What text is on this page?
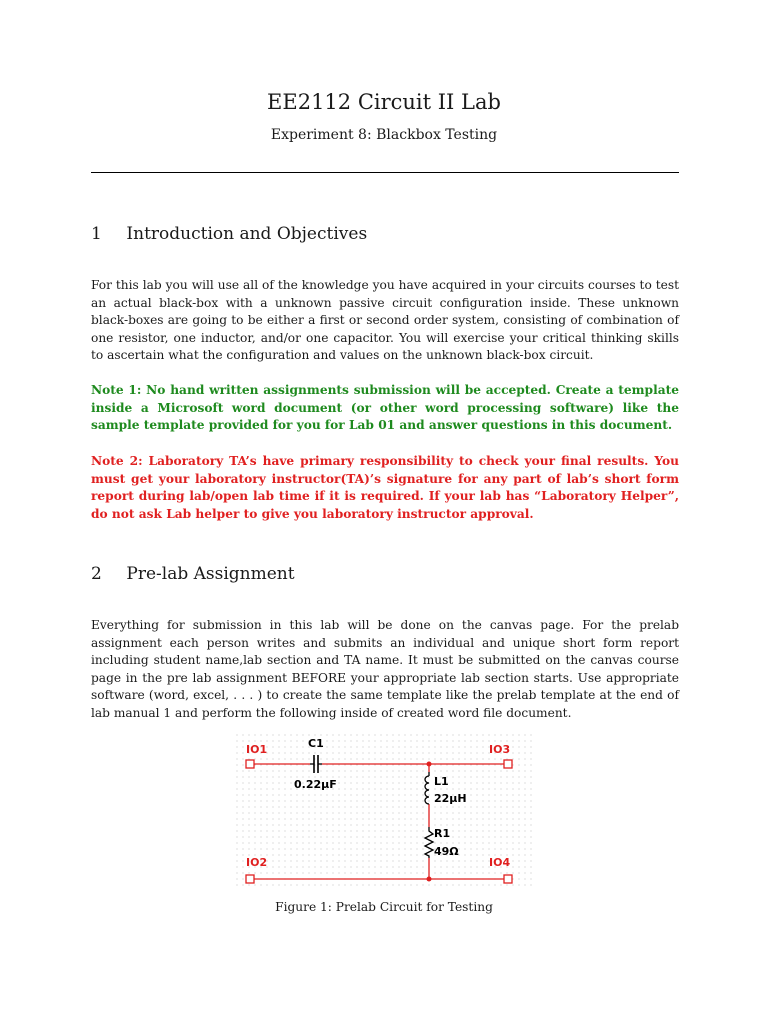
EE2112 Circuit II Lab
Experiment 8: Blackbox Testing
1 Introduction and Objectives
For this lab you will use all of the knowledge you have acquired in your circuits courses to test an actual black-box with a unknown passive circuit configuration inside. These unknown black-boxes are going to be either a first or second order system, consisting of combination of one resistor, one inductor, and/or one capacitor. You will exercise your critical thinking skills to ascertain what the configuration and values on the unknown black-box circuit.
Note 1: No hand written assignments submission will be accepted. Create a template inside a Microsoft word document (or other word processing software) like the sample template provided for you for Lab 01 and answer questions in this document.
Note 2: Laboratory TA’s have primary responsibility to check your final results. You must get your laboratory instructor(TA)’s signature for any part of lab’s short form report during lab/open lab time if it is required. If your lab has “Laboratory Helper”, do not ask Lab helper to give you laboratory instructor approval.
2 Pre-lab Assignment
Everything for submission in this lab will be done on the canvas page. For the prelab assignment each person writes and submits an individual and unique short form report including student name,lab section and TA name. It must be submitted on the canvas course page in the pre lab assignment BEFORE your appropriate lab section starts. Use appropriate software (word, excel, . . . ) to create the same template like the prelab template at the end of lab manual 1 and perform the following inside of created word file document.
IO1
IO2
IO3
IO4
C1
0.22µF	L1
22µH
R1
49Ω
Figure 1: Prelab Circuit for Testing
